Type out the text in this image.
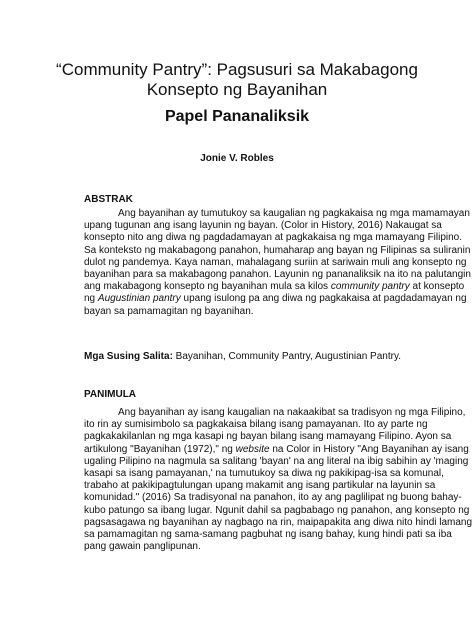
“Community Pantry”: Pagsusuri sa Makabagong
Konsepto ng Bayanihan
Papel Pananaliksik
Jonie V. Robles
ABSTRAK
Ang bayanihan ay tumutukoy sa kaugalian ng pagkakaisa ng mga mamamayan
upang tugunan ang isang layunin ng bayan. (Color in History, 2016) Nakaugat sa
konsepto nito ang diwa ng pagdadamayan at pagkakaisa ng mga mamayang Filipino.
Sa konteksto ng makabagong panahon, humaharap ang bayan ng Filipinas sa suliranin
dulot ng pandemya. Kaya naman, mahalagang suriin at sariwain muli ang konsepto ng
bayanihan para sa makabagong panahon. Layunin ng pananaliksik na ito na palutangin
ang makabagong konsepto ng bayanihan mula sa kilos community pantry at konsepto
ng Augustinian pantry upang isulong pa ang diwa ng pagkakaisa at pagdadamayan ng
bayan sa pamamagitan ng bayanihan.
Mga Susing Salita: Bayanihan, Community Pantry, Augustinian Pantry.
PANIMULA
Ang bayanihan ay isang kaugalian na nakaakibat sa tradisyon ng mga Filipino,
ito rin ay sumisimbolo sa pagkakaisa bilang isang pamayanan. Ito ay parte ng
pagkakakilanlan ng mga kasapi ng bayan bilang isang mamayang Filipino. Ayon sa
artikulong "Bayanihan (1972)," ng website na Color in History "Ang Bayanihan ay isang
ugaling Pilipino na nagmula sa salitang 'bayan' na ang literal na ibig sabihin ay 'maging
kasapi sa isang pamayanan,' na tumutukoy sa diwa ng pakikipag-isa sa komunal,
trabaho at pakikipagtulungan upang makamit ang isang partikular na layunin sa
komunidad." (2016) Sa tradisyonal na panahon, ito ay ang paglilipat ng buong bahay-
kubo patungo sa ibang lugar. Ngunit dahil sa pagbabago ng panahon, ang konsepto ng
pagsasagawa ng bayanihan ay nagbago na rin, maipapakita ang diwa nito hindi lamang
sa pamamagitan ng sama-samang pagbuhat ng isang bahay, kung hindi pati sa iba
pang gawain panglipunan.
